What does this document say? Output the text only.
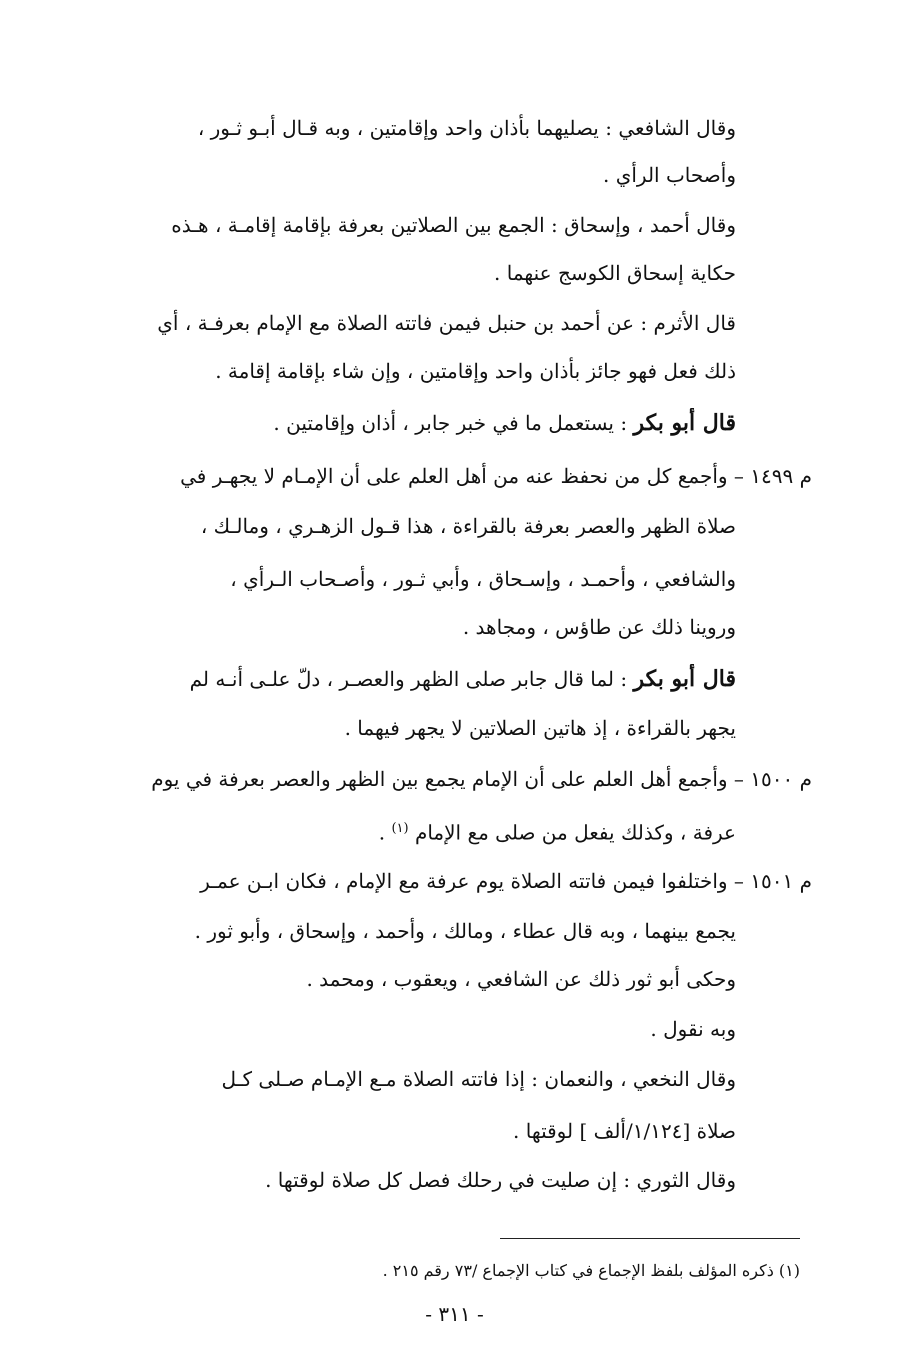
وقال الشافعي : يصليهما بأذان واحد وإقامتين ، وبه قـال أبـو ثـور ،
وأصحاب الرأي .
وقال أحمد ، وإسحاق : الجمع بين الصلاتين بعرفة بإقامة إقامـة ، هـذه
حكاية إسحاق الكوسج عنهما .
قال الأثرم : عن أحمد بن حنبل فيمن فاتته الصلاة مع الإمام بعرفـة ، أي
ذلك فعل فهو جائز بأذان واحد وإقامتين ، وإن شاء بإقامة إقامة .
قال أبو بكر : يستعمل ما في خبر جابر ، أذان وإقامتين .
م ١٤٩٩ – وأجمع كل من نحفظ عنه من أهل العلم على أن الإمـام لا يجهـر في
صلاة الظهر والعصر بعرفة بالقراءة ، هذا قـول الزهـري ، ومالـك ،
والشافعي ، وأحمـد ، وإسـحاق ، وأبي ثـور ، وأصـحاب الـرأي ،
وروينا ذلك عن طاؤس ، ومجاهد .
قال أبو بكر : لما قال جابر صلى الظهر والعصـر ، دلّ علـى أنـه لم
يجهر بالقراءة ، إذ هاتين الصلاتين لا يجهر فيهما .
م ١٥٠٠ – وأجمع أهل العلم على أن الإمام يجمع بين الظهر والعصر بعرفة في يوم
عرفة ، وكذلك يفعل من صلى مع الإمام $^{(١)}$ .
م ١٥٠١ – واختلفوا فيمن فاتته الصلاة يوم عرفة مع الإمام ، فكان ابـن عمـر
يجمع بينهما ، وبه قال عطاء ، ومالك ، وأحمد ، وإسحاق ، وأبو ثور .
وحكى أبو ثور ذلك عن الشافعي ، ويعقوب ، ومحمد .
وبه نقول .
وقال النخعي ، والنعمان : إذا فاتته الصلاة مـع الإمـام صـلى كـل
صلاة [١/١٢٤/ألف ] لوقتها .
وقال الثوري : إن صليت في رحلك فصل كل صلاة لوقتها .
(١) ذكره المؤلف بلفظ الإجماع في كتاب الإجماع /٧٣ رقم ٢١٥ .
- ٣١١ -
